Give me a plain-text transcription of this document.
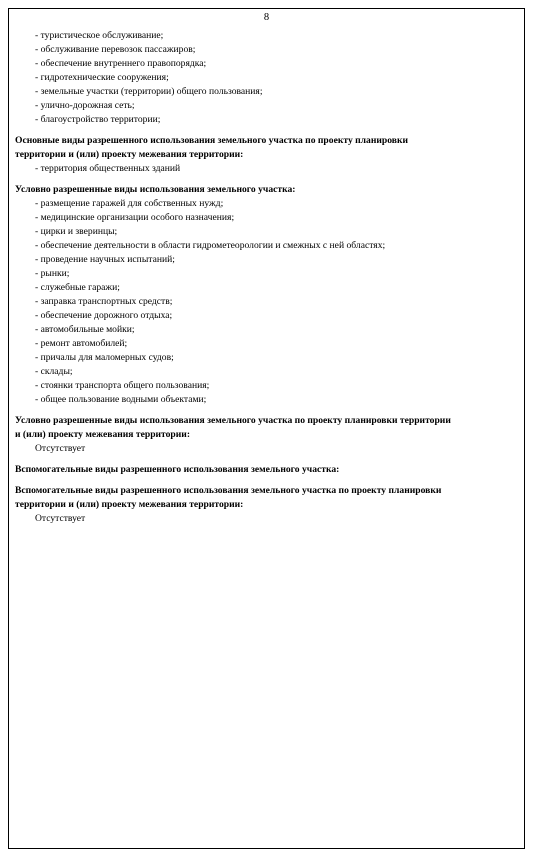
8
- туристическое обслуживание;
- обслуживание перевозок пассажиров;
- обеспечение внутреннего правопорядка;
- гидротехнические сооружения;
- земельные участки (территории) общего пользования;
- улично-дорожная сеть;
- благоустройство территории;
Основные виды разрешенного использования земельного участка по проекту планировки
территории и (или) проекту межевания территории:
- территория общественных зданий
Условно разрешенные виды использования земельного участка:
- размещение гаражей для собственных нужд;
- медицинские организации особого назначения;
- цирки и зверинцы;
- обеспечение деятельности в области гидрометеорологии и смежных с ней областях;
- проведение научных испытаний;
- рынки;
- служебные гаражи;
- заправка транспортных средств;
- обеспечение дорожного отдыха;
- автомобильные мойки;
- ремонт автомобилей;
- причалы для маломерных судов;
- склады;
- стоянки транспорта общего пользования;
- общее пользование водными объектами;
Условно разрешенные виды использования земельного участка по проекту планировки территории
и (или) проекту межевания территории:
Отсутствует
Вспомогательные виды разрешенного использования земельного участка:
Вспомогательные виды разрешенного использования земельного участка по проекту планировки
территории и (или) проекту межевания территории:
Отсутствует
